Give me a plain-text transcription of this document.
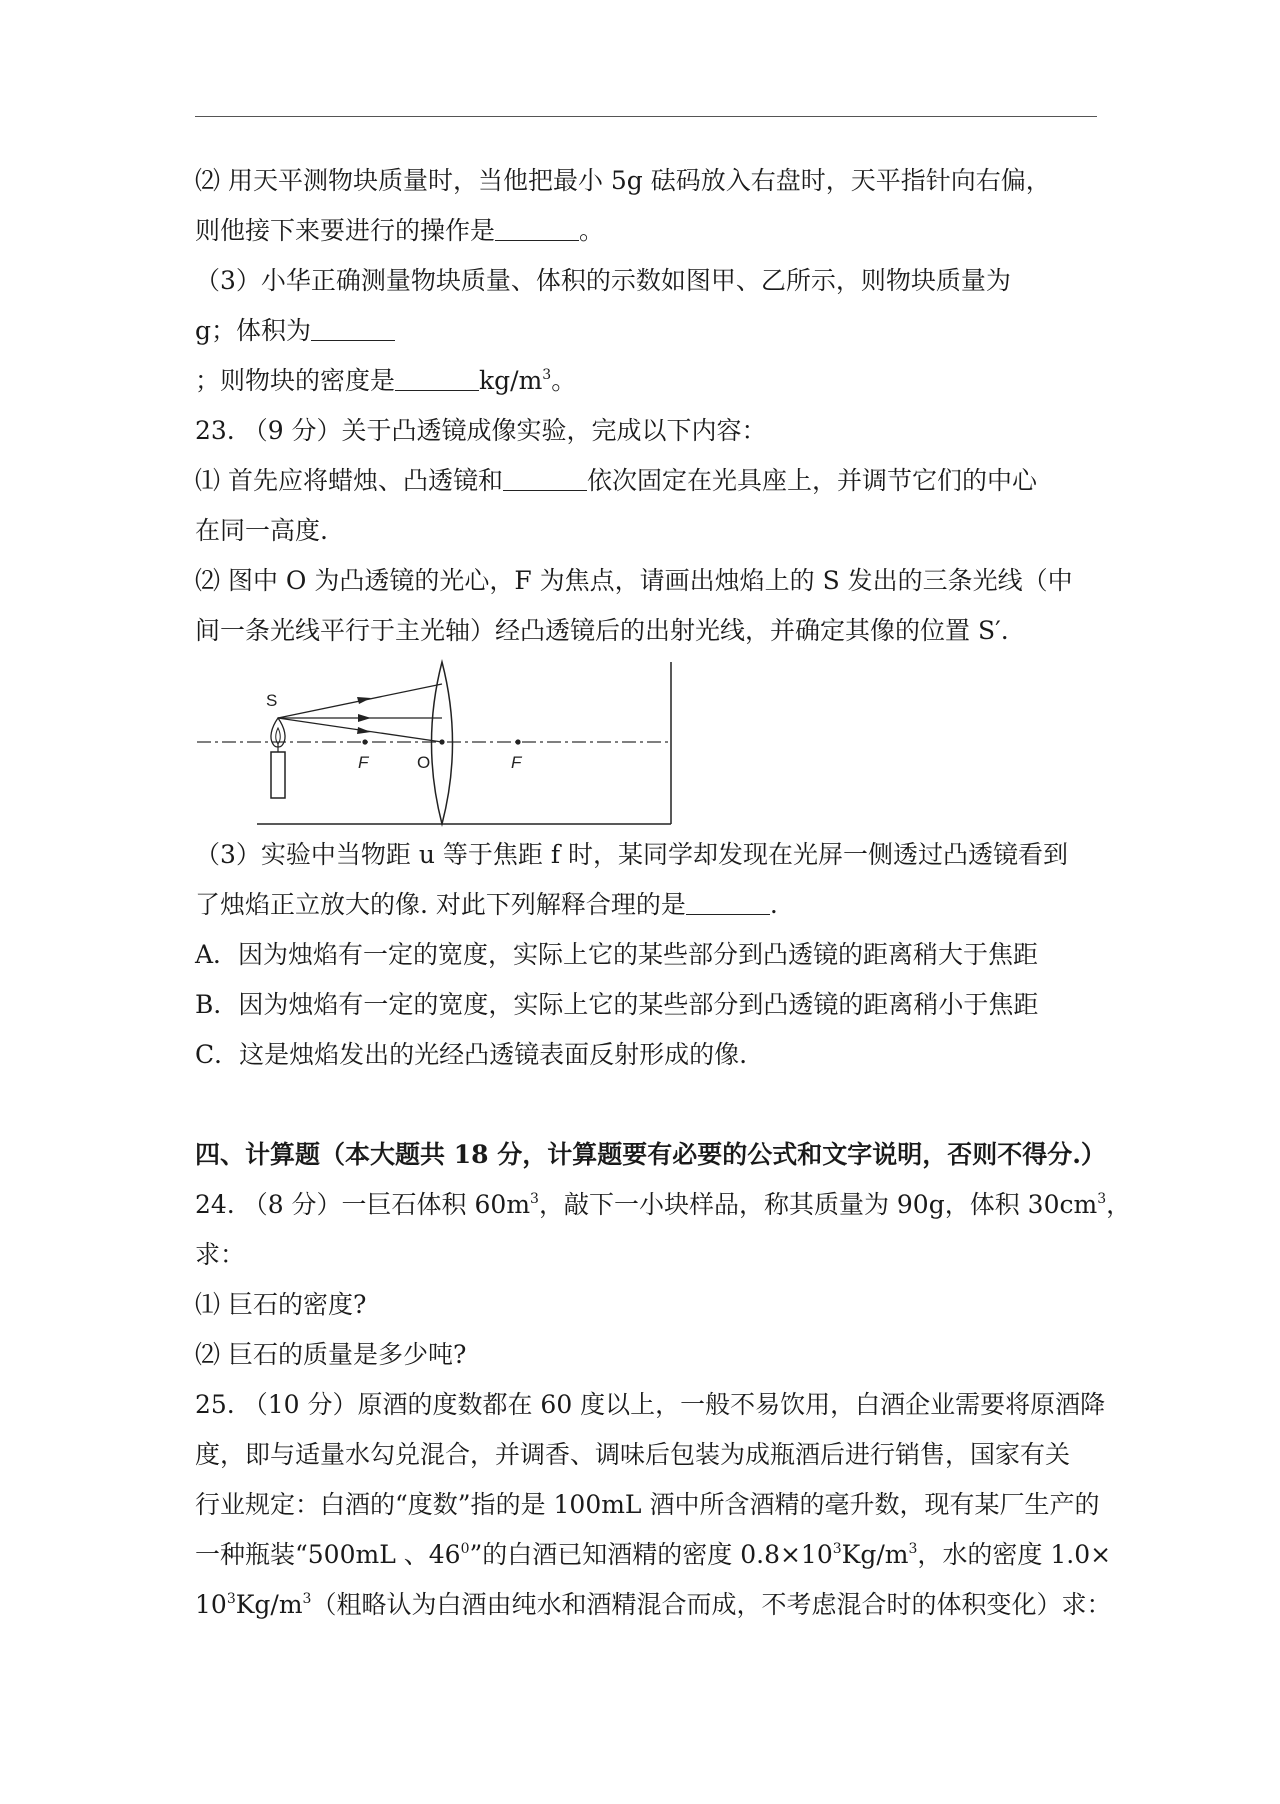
⑵ 用天平测物块质量时，当他把最小 5g 砝码放入右盘时，天平指针向右偏，
则他接下来要进行的操作是	。
（3）小华正确测量物块质量、体积的示数如图甲、乙所示，则物块质量为
g；体积为
；则物块的密度是	$kg/m^3$。
23. （9 分）关于凸透镜成像实验，完成以下内容：
⑴ 首先应将蜡烛、凸透镜和	依次固定在光具座上，并调节它们的中心
在同一高度.
⑵ 图中 O 为凸透镜的光心，F 为焦点，请画出烛焰上的 S 发出的三条光线（中
间一条光线平行于主光轴）经凸透镜后的出射光线，并确定其像的位置 S′.
S
F	O	F
（3）实验中当物距 u 等于焦距 f 时，某同学却发现在光屏一侧透过凸透镜看到
了烛焰正立放大的像. 对此下列解释合理的是	.
A．因为烛焰有一定的宽度，实际上它的某些部分到凸透镜的距离稍大于焦距
B．因为烛焰有一定的宽度，实际上它的某些部分到凸透镜的距离稍小于焦距
C．这是烛焰发出的光经凸透镜表面反射形成的像.
四、计算题（本大题共 18 分，计算题要有必要的公式和文字说明，否则不得分.）
24. （8 分）一巨石体积 $60m^3$，敲下一小块样品，称其质量为 90g，体积 $30cm^3$，
求：
⑴ 巨石的密度?
⑵ 巨石的质量是多少吨?
25. （10 分）原酒的度数都在 60 度以上，一般不易饮用，白酒企业需要将原酒降
度，即与适量水勾兑混合，并调香、调味后包装为成瓶酒后进行销售，国家有关
行业规定：白酒的“度数”指的是 100mL 酒中所含酒精的毫升数，现有某厂生产的
一种瓶装“500mL 、$46^0$”的白酒已知酒精的密度 $0.8\times 10^3Kg/m^3$，水的密度 1.0×
$10^3Kg/m^3$（粗略认为白酒由纯水和酒精混合而成，不考虑混合时的体积变化）求：
